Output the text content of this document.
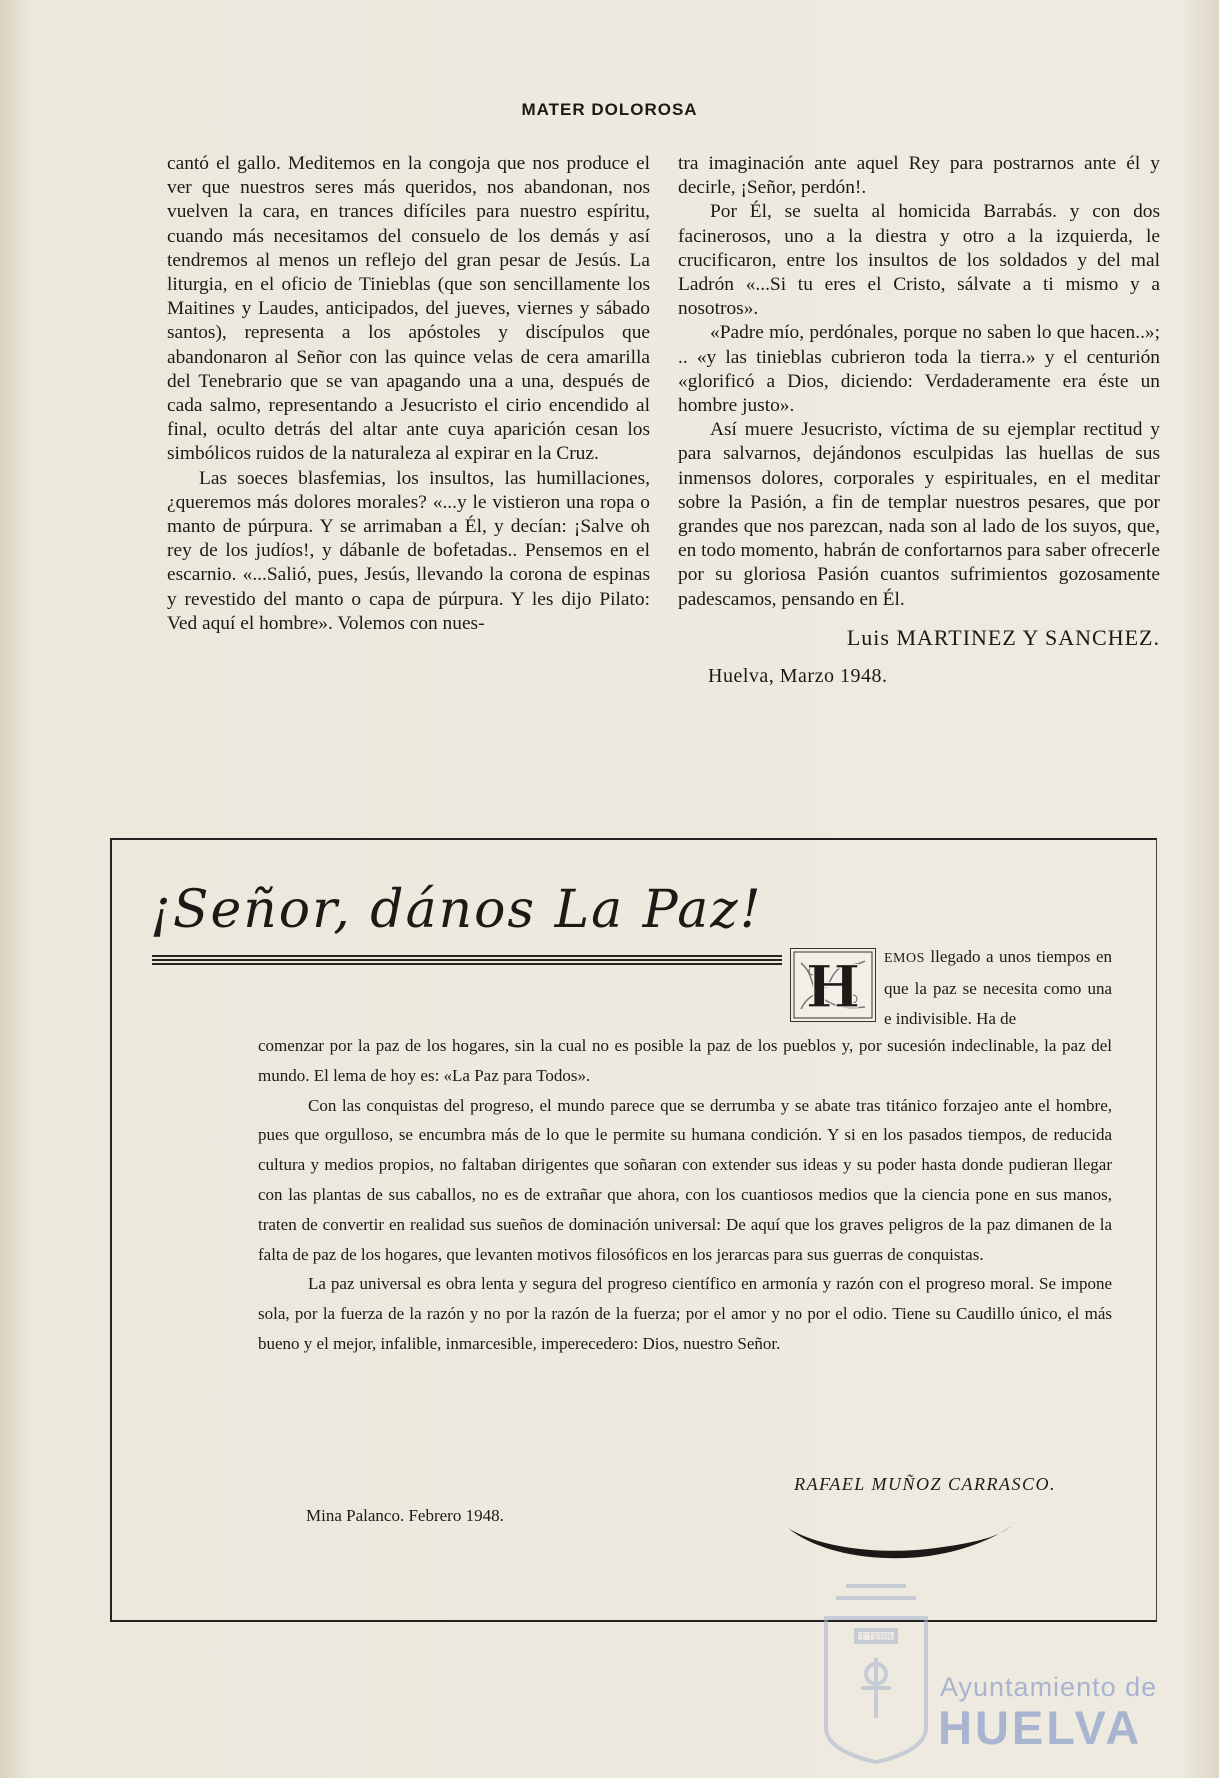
MATER DOLOROSA

cantó el gallo. Meditemos en la congoja que nos produce el ver que nuestros seres más queridos, nos abandonan, nos vuelven la cara, en trances difíciles para nuestro espíritu, cuando más necesitamos del consuelo de los demás y así tendremos al menos un reflejo del gran pesar de Jesús. La liturgia, en el oficio de Tinieblas (que son sencillamente los Maitines y Laudes, anticipados, del jueves, viernes y sábado santos), representa a los apóstoles y discípulos que abandonaron al Señor con las quince velas de cera amarilla del Tenebrario que se van apagando una a una, después de cada salmo, representando a Jesucristo el cirio encendido al final, oculto detrás del altar ante cuya aparición cesan los simbólicos ruidos de la naturaleza al expirar en la Cruz.

Las soeces blasfemias, los insultos, las humillaciones, ¿queremos más dolores morales? «...y le vistieron una ropa o manto de púrpura. Y se arrimaban a Él, y decían: ¡Salve oh rey de los judíos!, y dábanle de bofetadas.. Pensemos en el escarnio. «...Salió, pues, Jesús, llevando la corona de espinas y revestido del manto o capa de púrpura. Y les dijo Pilato: Ved aquí el hombre». Volemos con nues-

tra imaginación ante aquel Rey para postrarnos ante él y decirle, ¡Señor, perdón!.

Por Él, se suelta al homicida Barrabás. y con dos facinerosos, uno a la diestra y otro a la izquierda, le crucificaron, entre los insultos de los soldados y del mal Ladrón «...Si tu eres el Cristo, sálvate a ti mismo y a nosotros».

«Padre mío, perdónales, porque no saben lo que hacen..»; .. «y las tinieblas cubrieron toda la tierra.» y el centurión «glorificó a Dios, diciendo: Verdaderamente era éste un hombre justo».

Así muere Jesucristo, víctima de su ejemplar rectitud y para salvarnos, dejándonos esculpidas las huellas de sus inmensos dolores, corporales y espirituales, en el meditar sobre la Pasión, a fin de templar nuestros pesares, que por grandes que nos parezcan, nada son al lado de los suyos, que, en todo momento, habrán de confortarnos para saber ofrecerle por su gloriosa Pasión cuantos sufrimientos gozosamente padescamos, pensando en Él.

Luis MARTINEZ Y SANCHEZ.
Huelva, Marzo 1948.
¡Señor, dános La Paz!
H EMOS llegado a unos tiempos en que la paz se necesita como una e indivisible. Ha de

comenzar por la paz de los hogares, sin la cual no es posible la paz de los pueblos y, por sucesión indeclinable, la paz del mundo. El lema de hoy es: «La Paz para Todos».

Con las conquistas del progreso, el mundo parece que se derrumba y se abate tras titánico forzajeo ante el hombre, pues que orgulloso, se encumbra más de lo que le permite su humana condición. Y si en los pasados tiempos, de reducida cultura y medios propios, no faltaban dirigentes que soñaran con extender sus ideas y su poder hasta donde pudieran llegar con las plantas de sus caballos, no es de extrañar que ahora, con los cuantiosos medios que la ciencia pone en sus manos, traten de convertir en realidad sus sueños de dominación universal: De aquí que los graves peligros de la paz dimanen de la falta de paz de los hogares, que levanten motivos filosóficos en los jerarcas para sus guerras de conquistas.

La paz universal es obra lenta y segura del progreso científico en armonía y razón con el progreso moral. Se impone sola, por la fuerza de la razón y no por la razón de la fuerza; por el amor y no por el odio. Tiene su Caudillo único, el más bueno y el mejor, infalible, inmarcesible, imperecedero: Dios, nuestro Señor.

RAFAEL MUÑOZ CARRASCO.
Mina Palanco. Febrero 1948.
ET TERRA
Ayuntamiento de
HUELVA
